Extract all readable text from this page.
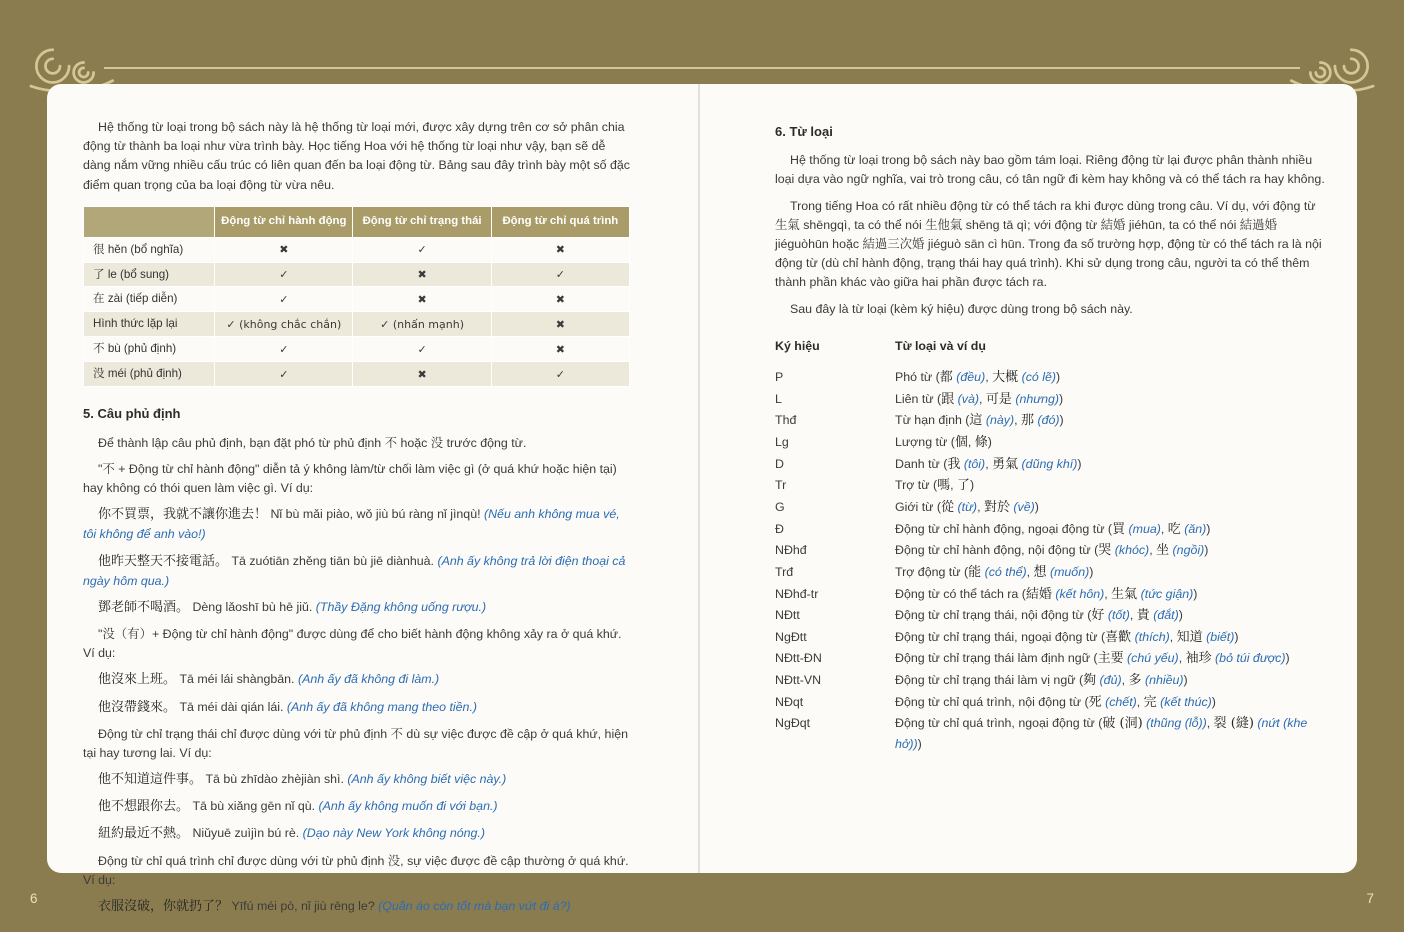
Hệ thống từ loại trong bộ sách này là hệ thống từ loại mới, được xây dựng trên cơ sở phân chia động từ thành ba loại như vừa trình bày. Học tiếng Hoa với hệ thống từ loại như vậy, bạn sẽ dễ dàng nắm vững nhiều cấu trúc có liên quan đến ba loại động từ. Bảng sau đây trình bày một số đặc điểm quan trọng của ba loại động từ vừa nêu.

	Động từ chỉ hành động	Động từ chỉ trạng thái	Động từ chỉ quá trình
很 hěn (bổ nghĩa)	✖	✓	✖
了 le (bổ sung)	✓	✖	✓
在 zài (tiếp diễn)	✓	✖	✖
Hình thức lặp lại	✓ (không chắc chắn)	✓ (nhấn mạnh)	✖
不 bù (phủ định)	✓	✓	✖
没 méi (phủ định)	✓	✖	✓
5. Câu phủ định

Để thành lập câu phủ định, bạn đặt phó từ phủ định 不 hoặc 没 trước động từ.

"不 + Động từ chỉ hành động" diễn tả ý không làm/từ chối làm việc gì (ở quá khứ hoặc hiện tại) hay không có thói quen làm việc gì. Ví dụ:

你不買票，我就不讓你進去！ Nǐ bù mǎi piào, wǒ jiù bú ràng nǐ jìnqù! (Nếu anh không mua vé, tôi không để anh vào!)

他昨天整天不接電話。 Tā zuótiān zhěng tiān bù jiē diànhuà. (Anh ấy không trả lời điện thoại cả ngày hôm qua.)

鄧老師不喝酒。 Dèng lǎoshī bù hē jiǔ. (Thầy Đặng không uống rượu.)

"没（有）+ Động từ chỉ hành động" được dùng để cho biết hành động không xảy ra ở quá khứ. Ví dụ:

他沒來上班。 Tā méi lái shàngbān. (Anh ấy đã không đi làm.)

他沒帶錢來。 Tā méi dài qián lái. (Anh ấy đã không mang theo tiền.)

Động từ chỉ trạng thái chỉ được dùng với từ phủ định 不 dù sự việc được đề cập ở quá khứ, hiện tại hay tương lai. Ví dụ:

他不知道這件事。 Tā bù zhīdào zhèjiàn shì. (Anh ấy không biết việc này.)

他不想跟你去。 Tā bù xiǎng gēn nǐ qù. (Anh ấy không muốn đi với bạn.)

紐約最近不熱。 Niǔyuē zuìjìn bú rè. (Dạo này New York không nóng.)

Động từ chỉ quá trình chỉ được dùng với từ phủ định 没, sự việc được đề cập thường ở quá khứ. Ví dụ:

衣服沒破，你就扔了？ Yīfú méi pò, nǐ jiù rēng le? (Quần áo còn tốt mà bạn vứt đi à?)

6. Từ loại

Hệ thống từ loại trong bộ sách này bao gồm tám loại. Riêng động từ lại được phân thành nhiều loại dựa vào ngữ nghĩa, vai trò trong câu, có tân ngữ đi kèm hay không và có thể tách ra hay không.

Trong tiếng Hoa có rất nhiều động từ có thể tách ra khi được dùng trong câu. Ví dụ, với động từ 生氣 shēngqì, ta có thể nói 生他氣 shēng tā qì; với động từ 結婚 jiéhūn, ta có thể nói 結過婚 jiéguòhūn hoặc 結過三次婚 jiéguò sān cì hūn. Trong đa số trường hợp, động từ có thể tách ra là nội động từ (dù chỉ hành động, trạng thái hay quá trình). Khi sử dụng trong câu, người ta có thể thêm thành phần khác vào giữa hai phần được tách ra.

Sau đây là từ loại (kèm ký hiệu) được dùng trong bộ sách này.

Ký hiệu	Từ loại và ví dụ
P	Phó từ (都 (đều), 大概 (có lẽ))
L	Liên từ (跟 (và), 可是 (nhưng))
Thđ	Từ hạn định (這 (này), 那 (đó))
Lg	Lượng từ (個, 條)
D	Danh từ (我 (tôi), 勇氣 (dũng khí))
Tr	Trợ từ (嗎, 了)
G	Giới từ (從 (từ), 對於 (về))
Đ	Động từ chỉ hành động, ngoại động từ (買 (mua), 吃 (ăn))
NĐhđ	Động từ chỉ hành động, nội động từ (哭 (khóc), 坐 (ngồi))
Trđ	Trợ động từ (能 (có thể), 想 (muốn))
NĐhđ-tr	Động từ có thể tách ra (結婚 (kết hôn), 生氣 (tức giận))
NĐtt	Động từ chỉ trạng thái, nội động từ (好 (tốt), 貴 (đắt))
NgĐtt	Động từ chỉ trạng thái, ngoại động từ (喜歡 (thích), 知道 (biết))
NĐtt-ĐN	Động từ chỉ trạng thái làm định ngữ (主要 (chú yếu), 袖珍 (bỏ túi được))
NĐtt-VN	Động từ chỉ trạng thái làm vị ngữ (夠 (đủ), 多 (nhiều))
NĐqt	Động từ chỉ quá trình, nội động từ (死 (chết), 完 (kết thúc))
NgĐqt	Động từ chỉ quá trình, ngoại động từ (破 (洞) (thũng (lỗ)), 裂 (縫) (nứt (khe hở)))
6	7
